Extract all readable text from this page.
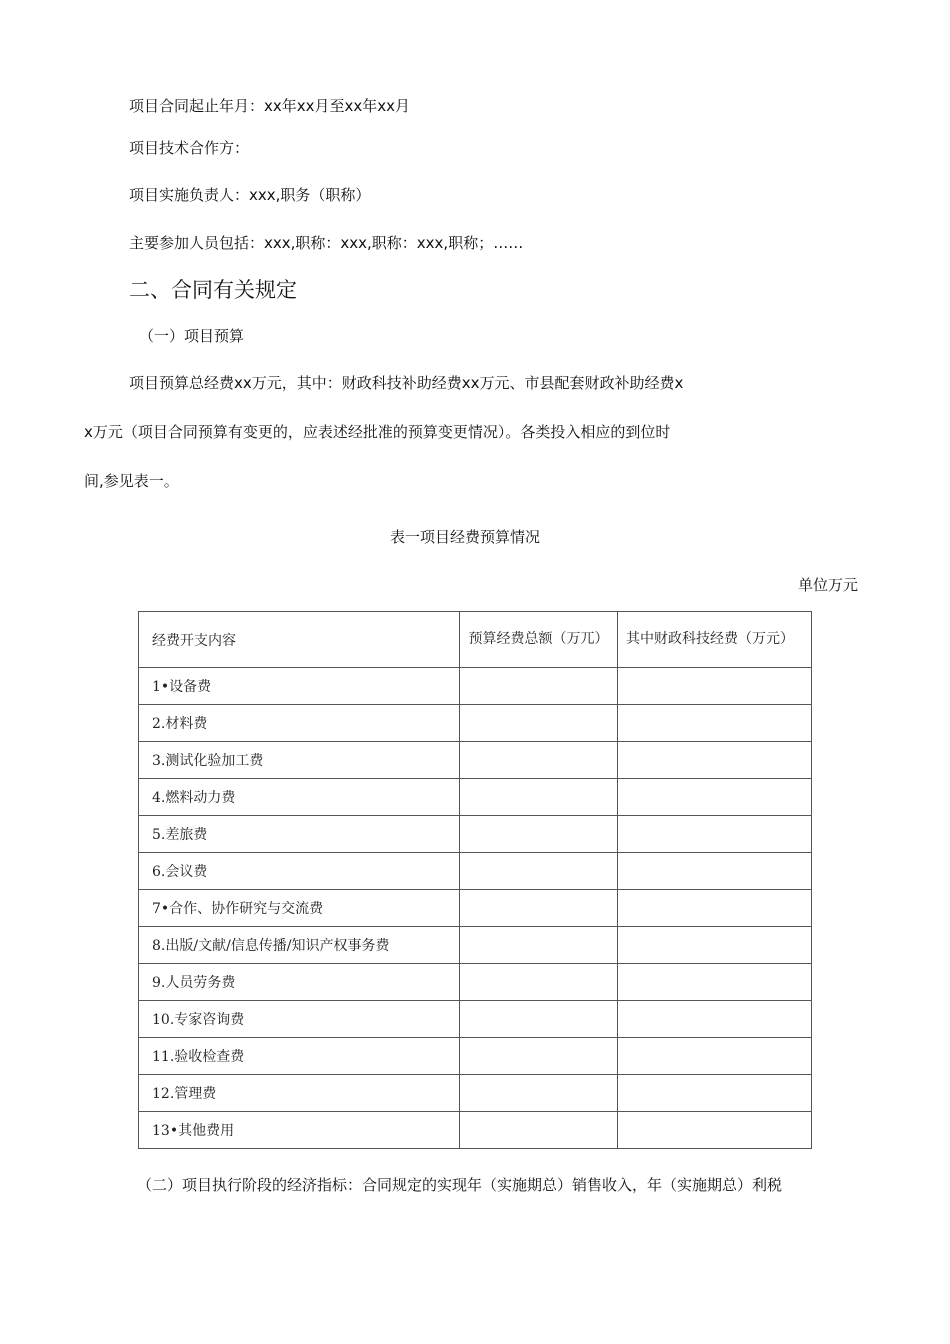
项目合同起止年月：xx年xx月至xx年xx月
项目技术合作方：
项目实施负责人：xxx,职务（职称）
主要参加人员包括：xxx,职称：xxx,职称：xxx,职称；……
二、合同有关规定
（一）项目预算
项目预算总经费xx万元，其中：财政科技补助经费xx万元、市县配套财政补助经费x
x万元（项目合同预算有变更的，应表述经批准的预算变更情况）。各类投入相应的到位时
间,参见表一。
表一项目经费预算情况
单位万元
经费开支内容	预算经费总额（万兀）	其中财政科技经费（万元）
1•设备费		
2.材料费		
3.测试化验加工费		
4.燃料动力费		
5.差旅费		
6.会议费		
7•合作、协作研究与交流费		
8.出版/文献/信息传播/知识产权事务费		
9.人员劳务费		
10.专家咨询费		
11.验收检查费		
12.管理费		
13•其他费用		
（二）项目执行阶段的经济指标：合同规定的实现年（实施期总）销售收入，年（实施期总）利税
